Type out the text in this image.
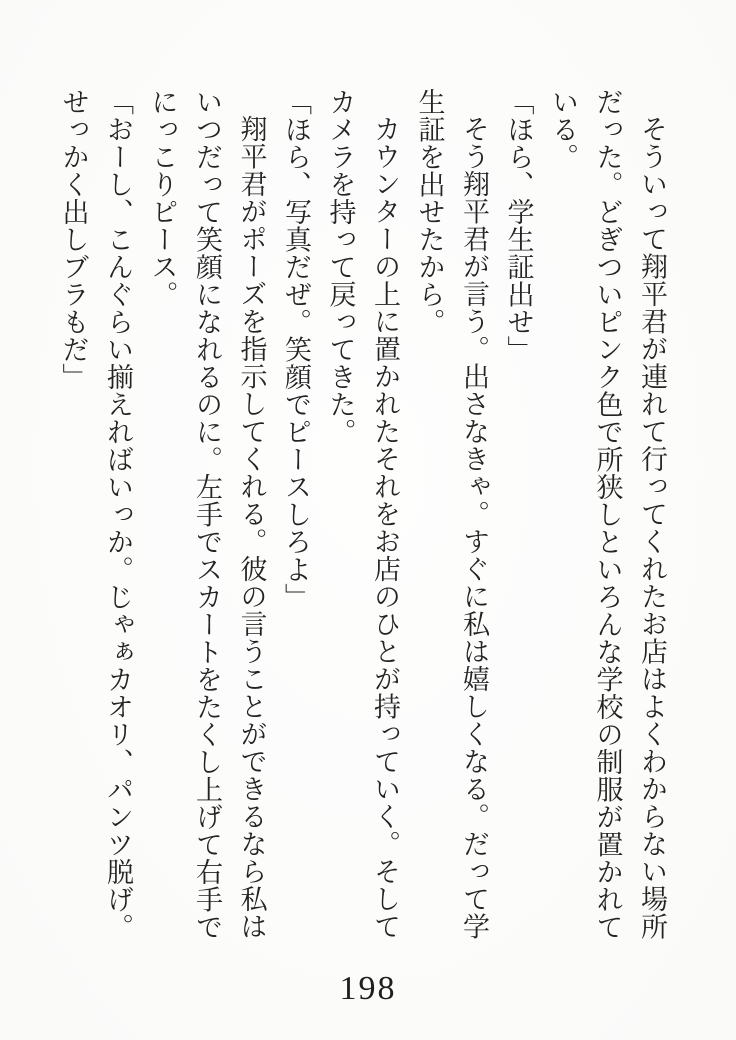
そういって翔平君が連れて行ってくれたお店はよくわからない場所
だった。どぎついピンク色で所狭しといろんな学校の制服が置かれて
いる。
「ほら、学生証出せ」
そう翔平君が言う。出さなきゃ。すぐに私は嬉しくなる。だって学
生証を出せたから。
カウンターの上に置かれたそれをお店のひとが持っていく。そして
カメラを持って戻ってきた。
「ほら、写真だぜ。笑顔でピースしろよ」
翔平君がポーズを指示してくれる。彼の言うことができるなら私は
いつだって笑顔になれるのに。左手でスカートをたくし上げて右手で
にっこりピース。
「おーし、こんぐらい揃えればいっか。じゃぁカオリ、パンツ脱げ。
せっかく出しブラもだ」
198
